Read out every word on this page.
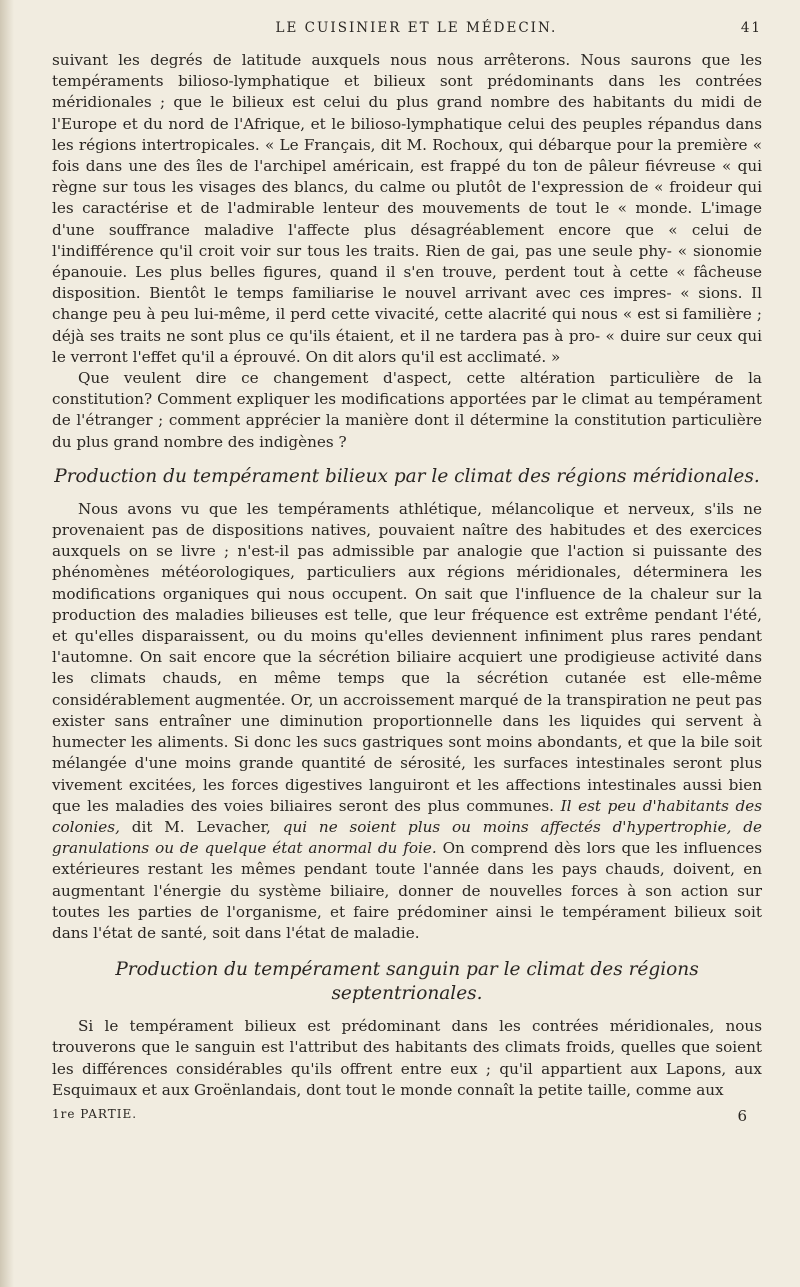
LE CUISINIER ET LE MÉDECIN.	41

suivant les degrés de latitude auxquels nous nous arrêterons. Nous saurons que les tempéraments bilioso-lymphatique et bilieux sont prédominants dans les contrées méridionales ; que le bilieux est celui du plus grand nombre des habitants du midi de l'Europe et du nord de l'Afrique, et le bilioso-lymphatique celui des peuples répandus dans les régions intertropicales. « Le Français, dit M. Rochoux, qui débarque pour la première « fois dans une des îles de l'archipel américain, est frappé du ton de pâleur fiévreuse « qui règne sur tous les visages des blancs, du calme ou plutôt de l'expression de « froideur qui les caractérise et de l'admirable lenteur des mouvements de tout le « monde. L'image d'une souffrance maladive l'affecte plus désagréablement encore que « celui de l'indifférence qu'il croit voir sur tous les traits. Rien de gai, pas une seule phy- « sionomie épanouie. Les plus belles figures, quand il s'en trouve, perdent tout à cette « fâcheuse disposition. Bientôt le temps familiarise le nouvel arrivant avec ces impres- « sions. Il change peu à peu lui-même, il perd cette vivacité, cette alacrité qui nous « est si familière ; déjà ses traits ne sont plus ce qu'ils étaient, et il ne tardera pas à pro- « duire sur ceux qui le verront l'effet qu'il a éprouvé. On dit alors qu'il est acclimaté. »

Que veulent dire ce changement d'aspect, cette altération particulière de la constitution? Comment expliquer les modifications apportées par le climat au tempérament de l'étranger ; comment apprécier la manière dont il détermine la constitution particulière du plus grand nombre des indigènes ?

Production du tempérament bilieux par le climat des régions méridionales.

Nous avons vu que les tempéraments athlétique, mélancolique et nerveux, s'ils ne provenaient pas de dispositions natives, pouvaient naître des habitudes et des exercices auxquels on se livre ; n'est-il pas admissible par analogie que l'action si puissante des phénomènes météorologiques, particuliers aux régions méridionales, déterminera les modifications organiques qui nous occupent. On sait que l'influence de la chaleur sur la production des maladies bilieuses est telle, que leur fréquence est extrême pendant l'été, et qu'elles disparaissent, ou du moins qu'elles deviennent infiniment plus rares pendant l'automne. On sait encore que la sécrétion biliaire acquiert une prodigieuse activité dans les climats chauds, en même temps que la sécrétion cutanée est elle-même considérablement augmentée. Or, un accroissement marqué de la transpiration ne peut pas exister sans entraîner une diminution proportionnelle dans les liquides qui servent à humecter les aliments. Si donc les sucs gastriques sont moins abondants, et que la bile soit mélangée d'une moins grande quantité de sérosité, les surfaces intestinales seront plus vivement excitées, les forces digestives languiront et les affections intestinales aussi bien que les maladies des voies biliaires seront des plus communes. Il est peu d'habitants des colonies, dit M. Levacher, qui ne soient plus ou moins affectés d'hypertrophie, de granulations ou de quelque état anormal du foie. On comprend dès lors que les influences extérieures restant les mêmes pendant toute l'année dans les pays chauds, doivent, en augmentant l'énergie du système biliaire, donner de nouvelles forces à son action sur toutes les parties de l'organisme, et faire prédominer ainsi le tempérament bilieux soit dans l'état de santé, soit dans l'état de maladie.

Production du tempérament sanguin par le climat des régions
septentrionales.

Si le tempérament bilieux est prédominant dans les contrées méridionales, nous trouverons que le sanguin est l'attribut des habitants des climats froids, quelles que soient les différences considérables qu'ils offrent entre eux ; qu'il appartient aux Lapons, aux Esquimaux et aux Groënlandais, dont tout le monde connaît la petite taille, comme aux

1re PARTIE.	6
